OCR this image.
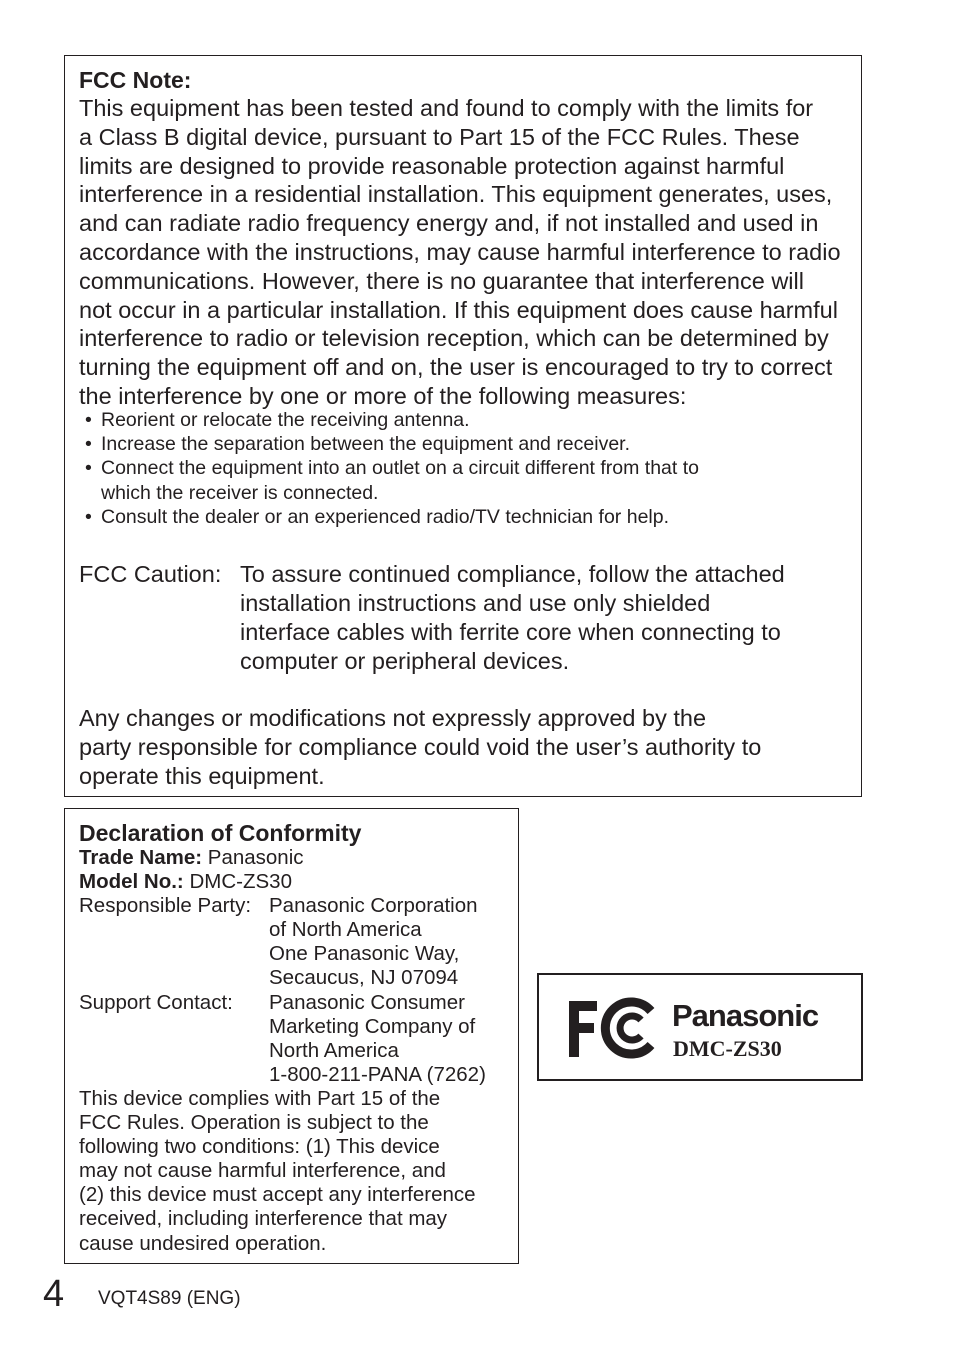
FCC Note:
This equipment has been tested and found to comply with the limits for
a Class B digital device, pursuant to Part 15 of the FCC Rules. These
limits are designed to provide reasonable protection against harmful
interference in a residential installation. This equipment generates, uses,
and can radiate radio frequency energy and, if not installed and used in
accordance with the instructions, may cause harmful interference to radio
communications. However, there is no guarantee that interference will
not occur in a particular installation. If this equipment does cause harmful
interference to radio or television reception, which can be determined by
turning the equipment off and on, the user is encouraged to try to correct
the interference by one or more of the following measures:
• Reorient or relocate the receiving antenna.
• Increase the separation between the equipment and receiver.
• Connect the equipment into an outlet on a circuit different from that to
which the receiver is connected.
• Consult the dealer or an experienced radio/TV technician for help.
FCC Caution: To assure continued compliance, follow the attached
installation instructions and use only shielded
interface cables with ferrite core when connecting to
computer or peripheral devices.
Any changes or modifications not expressly approved by the
party responsible for compliance could void the user’s authority to
operate this equipment.
Declaration of Conformity
Trade Name: Panasonic
Model No.: DMC-ZS30
Responsible Party: Panasonic Corporation
of North America
One Panasonic Way,
Secaucus, NJ 07094
Support Contact: Panasonic Consumer
Marketing Company of
North America
1-800-211-PANA (7262)
This device complies with Part 15 of the
FCC Rules. Operation is subject to the
following two conditions: (1) This device
may not cause harmful interference, and
(2) this device must accept any interference
received, including interference that may
cause undesired operation.
Panasonic
DMC-ZS30
4 VQT4S89 (ENG)
